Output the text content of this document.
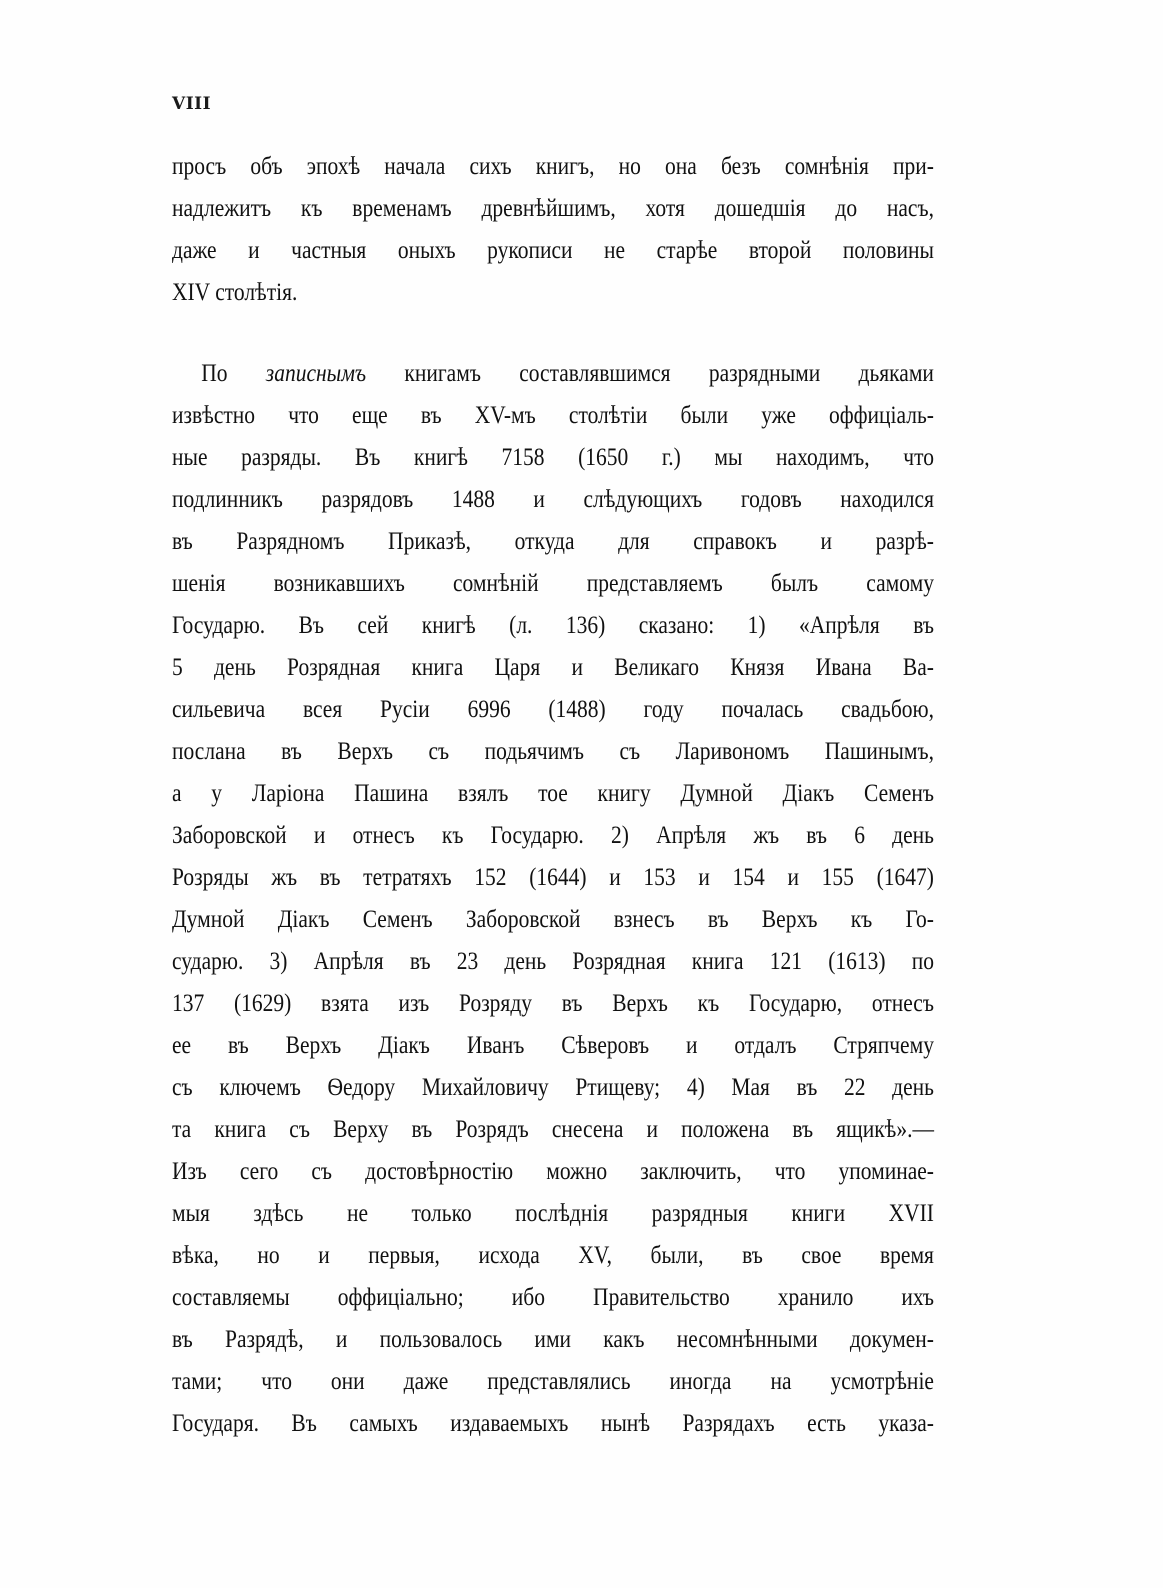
VIII
просъ объ эпохѣ начала сихъ книгъ, но она безъ сомнѣнія при-
надлежитъ къ временамъ древнѣйшимъ, хотя дошедшія до насъ,
даже и частныя оныхъ рукописи не старѣе второй половины
XIV столѣтія.
По записнымъ книгамъ составлявшимся разрядными дьяками
извѣстно что еще въ XV-мъ столѣтіи были уже оффиціаль-
ные разряды. Въ книгѣ 7158 (1650 г.) мы находимъ, что
подлинникъ разрядовъ 1488 и слѣдующихъ годовъ находился
въ Разрядномъ Приказѣ, откуда для справокъ и разрѣ-
шенія возникавшихъ сомнѣній представляемъ былъ самому
Государю. Въ сей книгѣ (л. 136) сказано: 1) «Апрѣля въ
5 день Розрядная книга Царя и Великаго Князя Ивана Ва-
сильевича всея Русіи 6996 (1488) году почалась свадьбою,
послана въ Верхъ съ подьячимъ съ Ларивономъ Пашинымъ,
а у Ларіона Пашина взялъ тое книгу Думной Діакъ Семенъ
Заборовской и отнесъ къ Государю. 2) Апрѣля жъ въ 6 день
Розряды жъ въ тетратяхъ 152 (1644) и 153 и 154 и 155 (1647)
Думной Діакъ Семенъ Заборовской взнесъ въ Верхъ къ Го-
сударю. 3) Апрѣля въ 23 день Розрядная книга 121 (1613) по
137 (1629) взята изъ Розряду въ Верхъ къ Государю, отнесъ
ее въ Верхъ Діакъ Иванъ Сѣверовъ и отдалъ Стряпчему
съ ключемъ Ѳедору Михайловичу Ртищеву; 4) Мая въ 22 день
та книга съ Верху въ Розрядъ снесена и положена въ ящикѣ».—
Изъ сего съ достовѣрностію можно заключить, что упоминае-
мыя здѣсь не только послѣднія разрядныя книги XVII
вѣка, но и первыя, исхода XV, были, въ свое время
составляемы оффиціально; ибо Правительство хранило ихъ
въ Разрядѣ, и пользовалось ими какъ несомнѣнными докумен-
тами; что они даже представлялись иногда на усмотрѣніе
Государя. Въ самыхъ издаваемыхъ нынѣ Разрядахъ есть указа-
